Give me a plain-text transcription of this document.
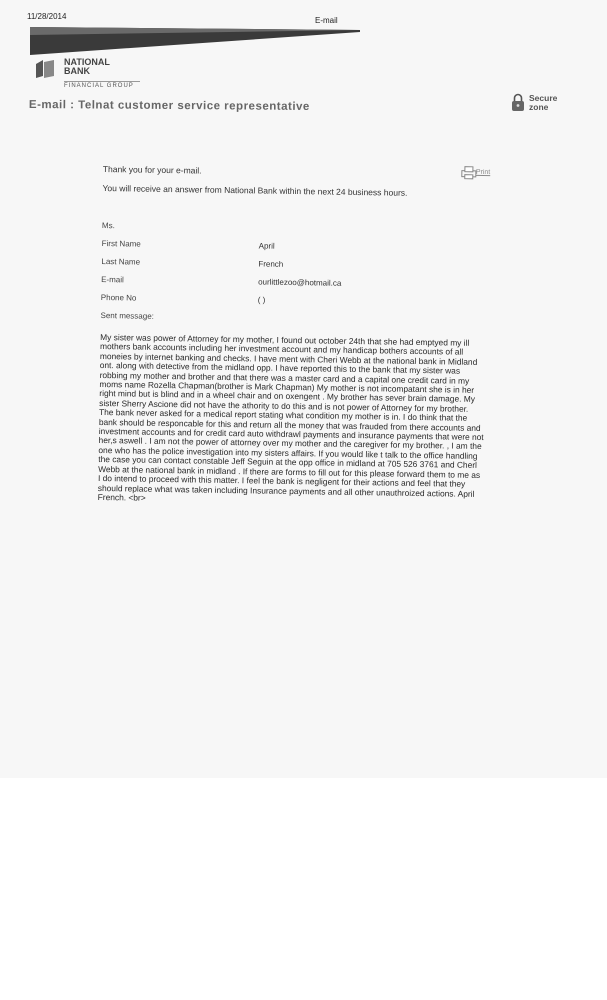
11/28/2014	E-mail
NATIONAL BANK
FINANCIAL GROUP
E-mail : Telnat customer service representative
Secure zone
Thank you for your e-mail.
You will receive an answer from National Bank within the next 24 business hours.
Print
Ms.
First Name	April
Last Name	French
E-mail	ourlittlezoo@hotmail.ca
Phone No	( )
Sent message:
My sister was power of Attorney for my mother, I found out october 24th that she had emptyed my ill mothers bank accounts including her investment account and my handicap bothers accounts of all moneies by internet banking and checks. I have ment with Cheri Webb at the national bank in Midland ont. along with detective from the midland opp. I have reported this to the bank that my sister was robbing my mother and brother and that there was a master card and a capital one credit card in my moms name Rozella Chapman(brother is Mark Chapman) My mother is not incompatant she is in her right mind but is blind and in a wheel chair and on oxengent . My brother has sever brain damage. My sister Sherry Ascione did not have the athority to do this and is not power of Attorney for my brother. The bank never asked for a medical report stating what condition my mother is in. I do think that the bank should be responcable for this and return all the money that was frauded from there accounts and investment accounts and for credit card auto withdrawl payments and insurance payments that were not her,s aswell . I am not the power of attorney over my mother and the caregiver for my brother. , I am the one who has the police investigation into my sisters affairs. If you would like t talk to the office handling the case you can contact constable Jeff Seguin at the opp office in midland at 705 526 3761 and Cherl Webb at the national bank in midland . If there are forms to fill out for this please forward them to me as I do intend to proceed with this matter. I feel the bank is negligent for their actions and feel that they should replace what was taken including Insurance payments and all other unauthroized actions. April French. <br>
